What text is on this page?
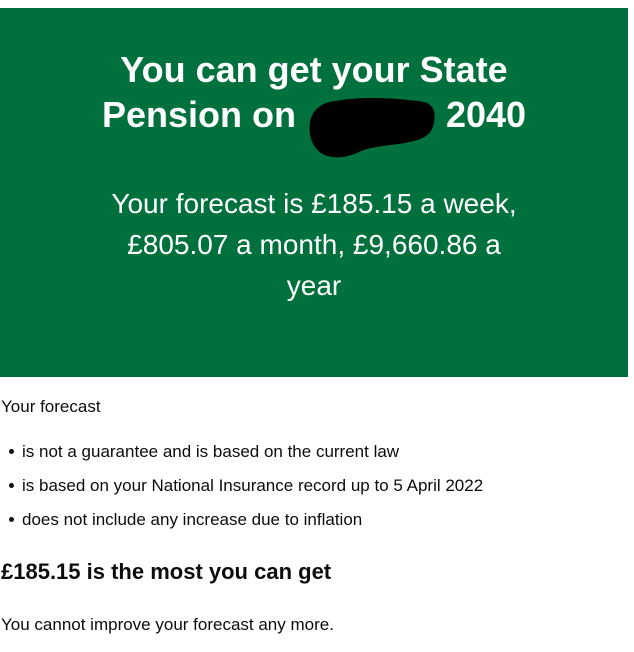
You can get your State
Pension on	2040
Your forecast is £185.15 a week,
£805.07 a month, £9,660.86 a
year

Your forecast

is not a guarantee and is based on the current law
is based on your National Insurance record up to 5 April 2022
does not include any increase due to inflation
£185.15 is the most you can get

You cannot improve your forecast any more.
